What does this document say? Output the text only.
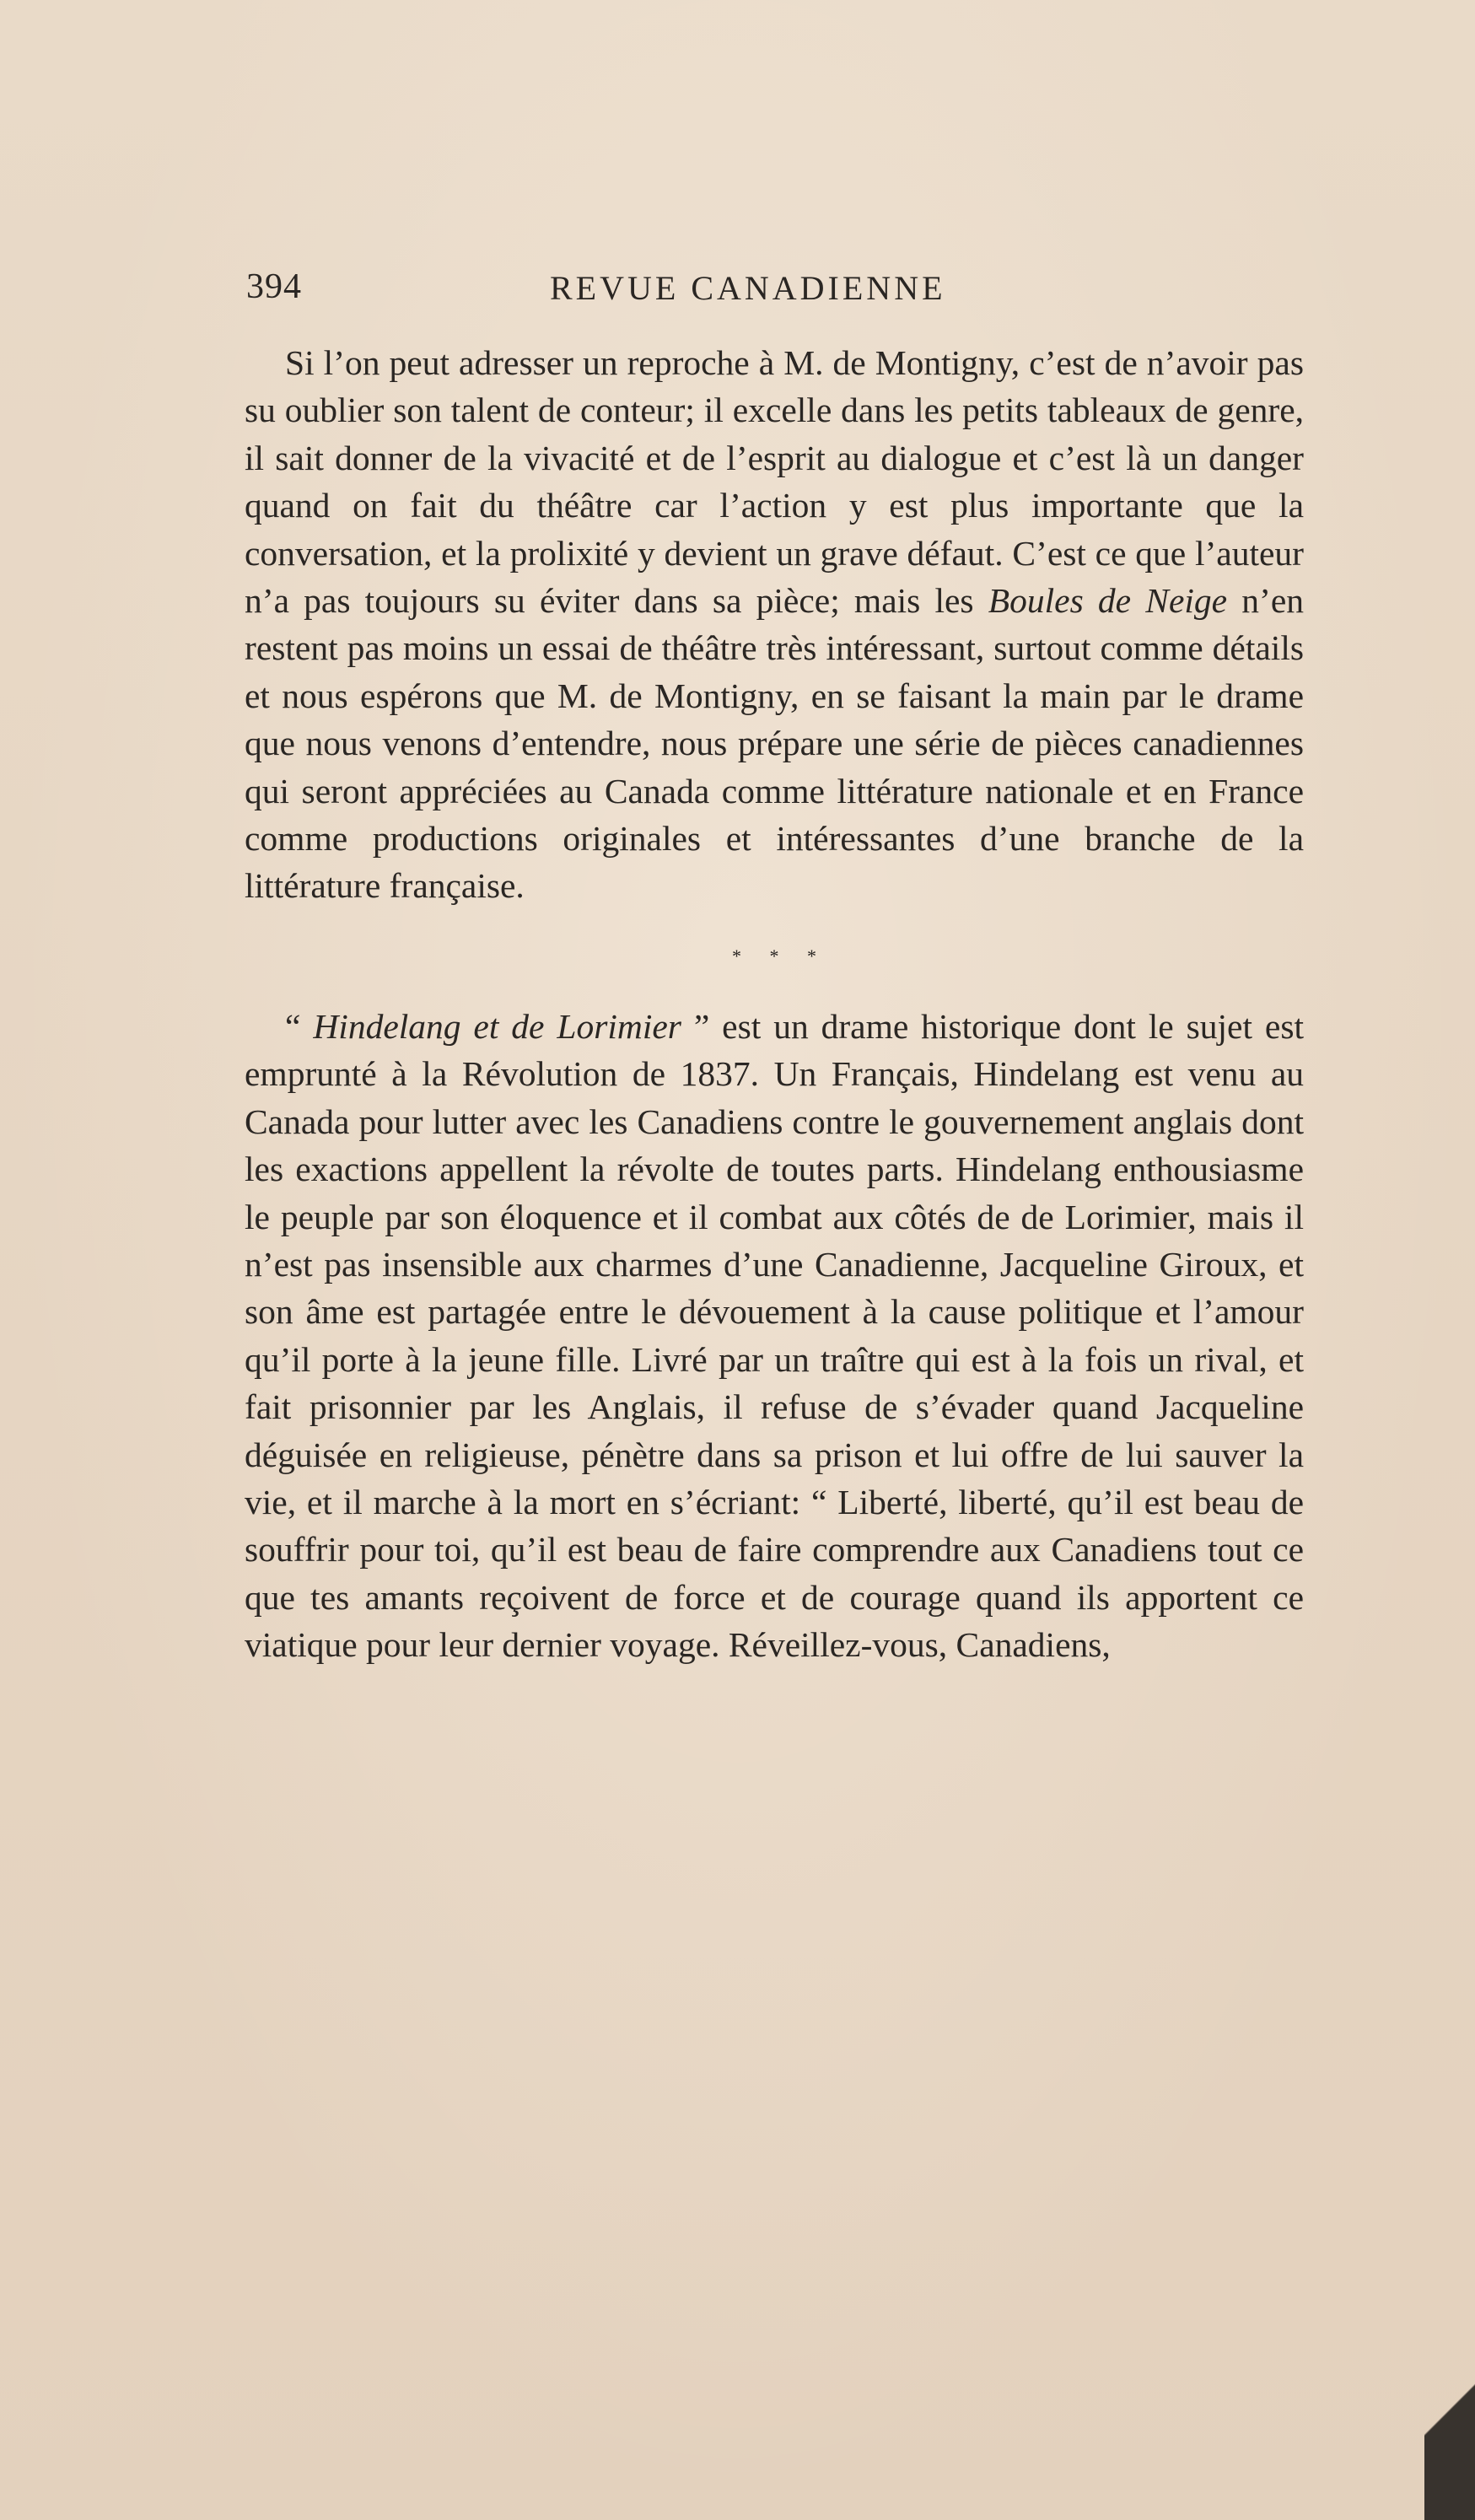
394	REVUE CANADIENNE

Si l’on peut adresser un reproche à M. de Montigny, c’est de n’avoir pas su oublier son talent de conteur; il excelle dans les petits tableaux de genre, il sait donner de la vivacité et de l’esprit au dialogue et c’est là un danger quand on fait du théâtre car l’action y est plus importante que la conversation, et la prolixité y devient un grave défaut. C’est ce que l’auteur n’a pas toujours su éviter dans sa pièce; mais les Boules de Neige n’en restent pas moins un essai de théâtre très intéressant, surtout comme détails et nous espérons que M. de Montigny, en se faisant la main par le drame que nous venons d’entendre, nous prépare une série de pièces canadiennes qui seront appréciées au Canada comme littérature nationale et en France comme productions originales et intéressantes d’une branche de la littérature française.

* * *

“ Hindelang et de Lorimier ” est un drame historique dont le sujet est emprunté à la Révolution de 1837. Un Français, Hindelang est venu au Canada pour lutter avec les Canadiens contre le gouvernement anglais dont les exactions appellent la révolte de toutes parts. Hindelang enthousiasme le peuple par son éloquence et il combat aux côtés de de Lorimier, mais il n’est pas insensible aux charmes d’une Canadienne, Jacqueline Giroux, et son âme est partagée entre le dévouement à la cause politique et l’amour qu’il porte à la jeune fille. Livré par un traître qui est à la fois un rival, et fait prisonnier par les Anglais, il refuse de s’évader quand Jacqueline déguisée en religieuse, pénètre dans sa prison et lui offre de lui sauver la vie, et il marche à la mort en s’écriant: “ Liberté, liberté, qu’il est beau de souffrir pour toi, qu’il est beau de faire comprendre aux Canadiens tout ce que tes amants reçoivent de force et de courage quand ils apportent ce viatique pour leur dernier voyage. Réveillez-vous, Canadiens,
